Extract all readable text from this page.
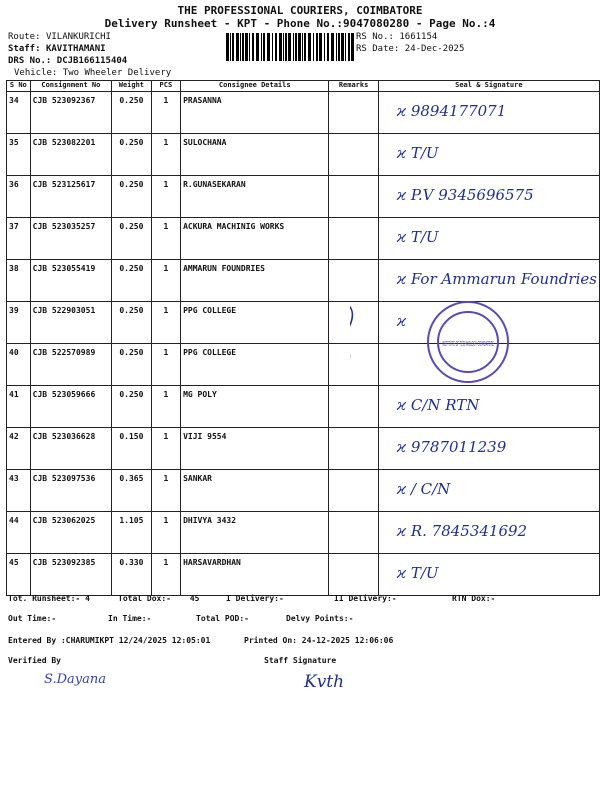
THE PROFESSIONAL COURIERS, COIMBATORE
Delivery Runsheet - KPT - Phone No.:9047080280 - Page No.:4
Route: VILANKURICHI
Staff: KAVITHAMANI
DRS No.: DCJB166115404
Vehicle: Two Wheeler Delivery
RS No.: 1661154
RS Date: 24-Dec-2025
S No	Consignment No	Weight	PCS	Consignee Details	Remarks	Seal & Signature

34	CJB 523092367	0.250	1	PRASANNA		ϰ 9894177071

35	CJB 523082201	0.250	1	SULOCHANA		ϰ T/U

36	CJB 523125617	0.250	1	R.GUNASEKARAN		ϰ P.V 9345696575

37	CJB 523035257	0.250	1	ACKURA MACHINIG WORKS		ϰ T/U

38	CJB 523055419	0.250	1	AMMARUN FOUNDRIES		ϰ For Ammarun Foundries

39	CJB 522903051	0.250	1	PPG COLLEGE		ϰ

40	CJB 522570989	0.250	1	PPG COLLEGE		

41	CJB 523059666	0.250	1	MG POLY		ϰ C/N RTN

42	CJB 523036628	0.150	1	VIJI 9554		ϰ 9787011239

43	CJB 523097536	0.365	1	SANKAR		ϰ / C/N

44	CJB 523062025	1.105	1	DHIVYA 3432		ϰ R. 7845341692

45	CJB 523092385	0.330	1	HARSAVARDHAN		ϰ T/U
INSTITUTE OF TECHNOLOGY COIMBATORE
Tot. Runsheet:- 4	Total Dox:- 45	I Delivery:-	II Delivery:-	RTN Dox:-
Out Time:-	In Time:-	Total POD:-	Delvy Points:-
Entered By :CHARUMIKPT 12/24/2025 12:05:01	Printed On: 24-12-2025 12:06:06
Verified By	Staff Signature
S.Dayana	Kvth
